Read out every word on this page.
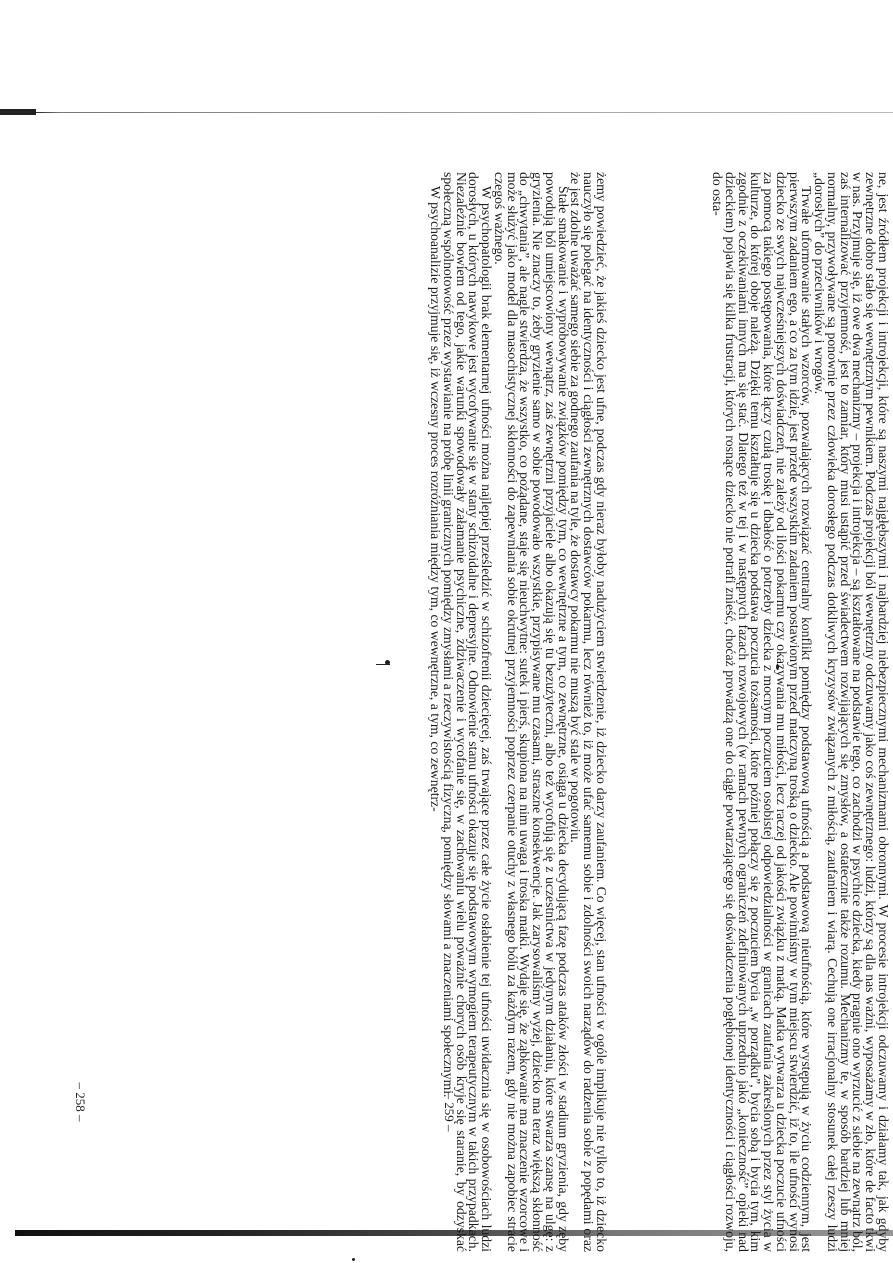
żemy powiedzieć, że jakieś dziecko jest ufne, podczas gdy nieraz byłoby nadużyciem stwierdzenie, iż dziecko darzy zaufaniem. Co więcej, stan ufności w ogóle implikuje nie tylko to, iż dziecko nauczyło się polegać na identyczności i ciągłości zewnętrznych dostawców pokarmu, lecz również to, iż może ufać samemu sobie i zdolności swoich narządów do radzenia sobie z popędami oraz że jest zdolne uważać samego siebie za godnego zaufania na tyle, że dostawcy pokarmu nie muszą być stale w pogotowiu.

Stałe smakowanie i wypróbowywanie związków pomiędzy tym, co wewnętrzne a tym, co zewnętrzne, osiąga u dziecka decydującą fazę podczas ataków złości w stadium gryzienia, gdy zęby powodują ból umiejscowiony wewnątrz, zaś zewnętrzni przyjaciele albo okazują się tu bezużyteczni, albo też wycofują się z uczestnictwa w jedynym działaniu, które stwarza szansę na ulgę: z gryzienia. Nie znaczy to, żeby gryzienie samo w sobie powodowało wszystkie, przypisywane mu czasami, straszne konsekwencje. Jak zarysowaliśmy wyżej, dziecko ma teraz większą skłonność do „chwytania”, ale nagle stwierdza, że wszystko, co pożądane, staje się nieuchwytne: sutek i pierś, skupiona na nim uwaga i troska matki. Wydaje się, że ząbkowanie ma znaczenie wzorcowe i może służyć jako model dla masochistycznej skłonności do zapewniania sobie okrutnej przyjemności poprzez czerpanie otuchy z własnego bólu za każdym razem, gdy nie można zapobiec stracie czegoś ważnego.

W psychopatologii brak elementarnej ufności można najlepiej prześledzić w schizofrenii dziecięcej, zaś trwające przez całe życie osłabienie tej ufności uwidacznia się w osobowościach ludzi dorosłych, u których nawykowe jest wycofywanie się w stany schizoidalne i depresyjne. Odnowienie stanu ufności okazuje się podstawowym wymogiem terapeutycznym w takich przypadkach. Niezależnie bowiem od tego, jakie warunki spowodowały załamanie psychiczne, zdziwaczenie i wycofanie się, w zachowaniu wielu poważnie chorych osób kryje się staranie, by odzyskać społeczną wspólnotowość przez wystawianie na próbę linii granicznych pomiędzy zmysłami a rzeczywistością fizyczną, pomiędzy słowami a znaczeniami społecznymi.

W psychoanalizie przyjmuje się, iż wczesny proces rozróżniania między tym, co wewnętrzne, a tym, co zewnętrz-	ne, jest źródłem projekcji i introjekcji, które są naszymi najgłębszymi i najbardziej niebezpiecznymi mechanizmami obronnymi. W procesie introjekcji odczuwamy i działamy tak, jak gdyby zewnętrzne dobro stało się wewnętrznym pewnikiem. Podczas projekcji ból wewnętrzny odczuwamy jako coś zewnętrznego: ludzi, którzy są dla nas ważni, wyposażamy w zło, które de facto tkwi w nas. Przyjmuje się, iż owe dwa mechanizmy – projekcja i introjekcja – są kształtowane na podstawie tego, co zachodzi w psychice dziecka, kiedy pragnie ono wyrzucić z siebie na zewnątrz ból, zaś internalizować przyjemność, jest to zamiar, który musi ustąpić przed świadectwem rozwijających się zmysłów, a ostatecznie także rozumu. Mechanizmy te, w sposób bardziej lub mniej normalny, przywoływane są ponownie przez człowieka dorosłego podczas dotkliwych kryzysów związanych z miłością, zaufaniem i wiarą. Cechują one irracjonalny stosunek całej rzeszy ludzi „dorosłych” do przeciwników i wrogów.

Trwałe uformowanie stałych wzorców, pozwalających rozwiązać centralny konflikt pomiędzy podstawową ufnością a podstawową nieufnością, które występują w życiu codziennym, jest pierwszym zadaniem ego, a co za tym idzie, jest przede wszystkim zadaniem postawionym przed matczyną troską o dziecko. Ale powinniśmy w tym miejscu stwierdzić, iż to, ile ufności wynosi dziecko ze swych najwcześniejszych doświadczeń, nie zależy od ilości pokarmu czy okazywania mu miłości, lecz raczej od jakości związku z matką. Matka wytwarza u dziecka poczucie ufności za pomocą takiego postępowania, które łączy czułą troskę i dbałość o potrzeby dziecka z mocnym poczuciem osobistej odpowiedzialności w granicach zaufania zakreślonych przez styl życia w kulturze, do której oboje należą. Dzięki temu kształtuje się u dziecka podstawa poczucia tożsamości, które później połączy się z poczuciem bycia „w porządku”, bycia sobą i bycia tym, kim zgodnie z oczekiwaniami innych ma się stać. Dlatego też w tej i w następnych fazach rozwojowych (w ramach pewnych ograniczeń zdefiniowanych uprzednio jako „konieczność” opieki nad dzieckiem) pojawia się kilka frustracji, których rosnące dziecko nie potrafi znieść, choćaż prowadzą one do ciągłe powtarzającego się doświadczenia pogłębionej identyczności i ciągłości rozwoju, do osta-

– 258 –	– 259 –
